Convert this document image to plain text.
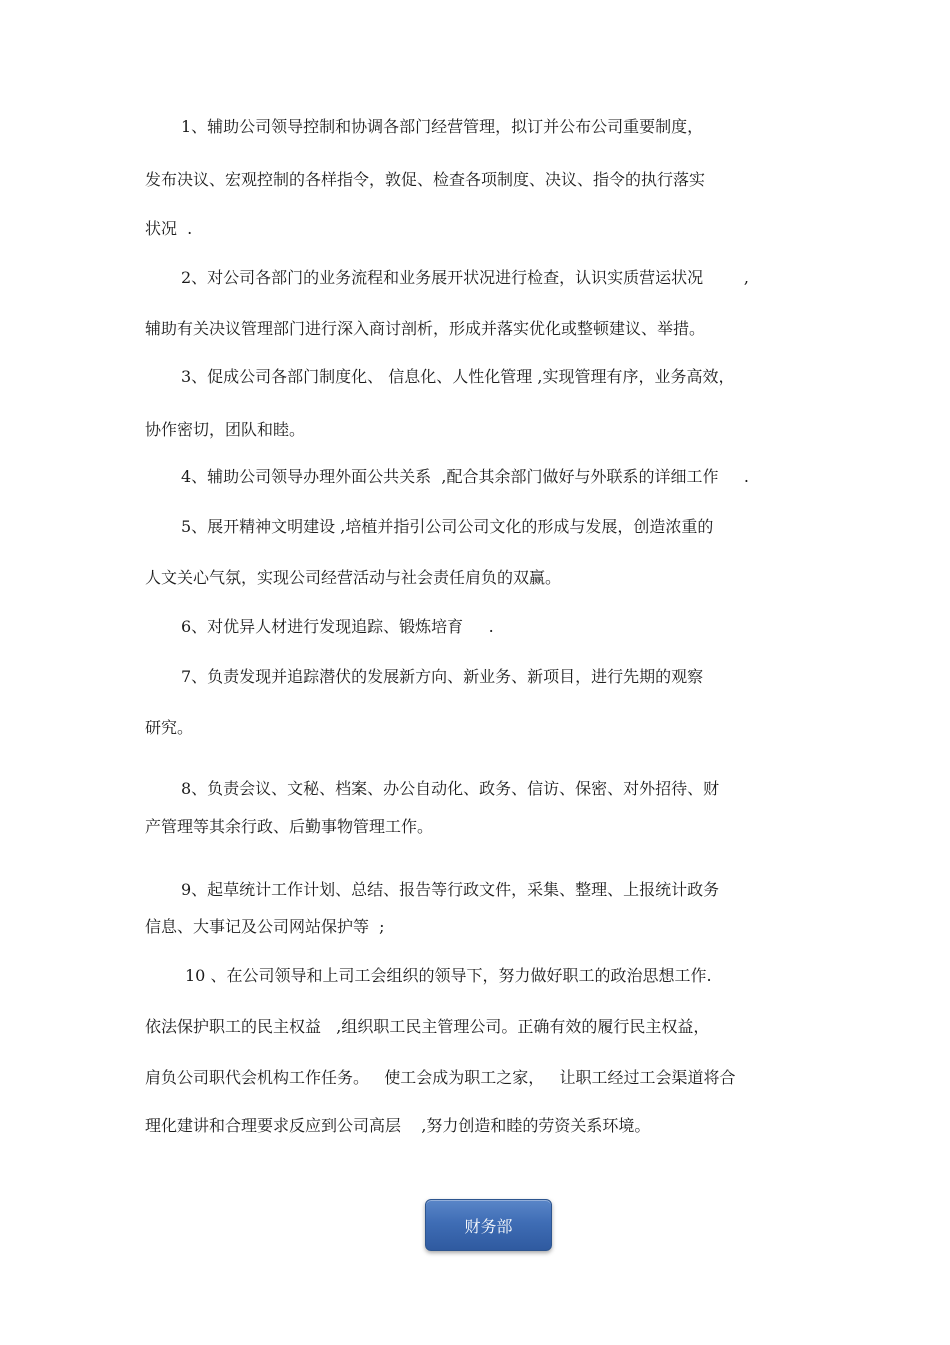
1、辅助公司领导控制和协调各部门经营管理，拟订并公布公司重要制度，

发布决议、宏观控制的各样指令，敦促、检查各项制度、决议、指令的执行落实

状况  .

2、对公司各部门的业务流程和业务展开状况进行检查，认识实质营运状况        ,

辅助有关决议管理部门进行深入商讨剖析，形成并落实优化或整顿建议、举措。

3、促成公司各部门制度化、 信息化、人性化管理 ,实现管理有序，业务高效，

协作密切，团队和睦。

4、辅助公司领导办理外面公共关系  ,配合其余部门做好与外联系的详细工作     .

5、展开精神文明建设 ,培植并指引公司公司文化的形成与发展，创造浓重的

人文关心气氛，实现公司经营活动与社会责任肩负的双赢。

6、对优异人材进行发现追踪、锻炼培育     .

7、负责发现并追踪潜伏的发展新方向、新业务、新项目，进行先期的观察

研究。

8、负责会议、文秘、档案、办公自动化、政务、信访、保密、对外招待、财

产管理等其余行政、后勤事物管理工作。

9、起草统计工作计划、总结、报告等行政文件，采集、整理、上报统计政务

信息、大事记及公司网站保护等  ;

10 、在公司领导和上司工会组织的领导下，努力做好职工的政治思想工作.

依法保护职工的民主权益   ,组织职工民主管理公司。正确有效的履行民主权益，

肩负公司职代会机构工作任务。   使工会成为职工之家，   让职工经过工会渠道将合

理化建讲和合理要求反应到公司高层    ,努力创造和睦的劳资关系环境。

财务部
